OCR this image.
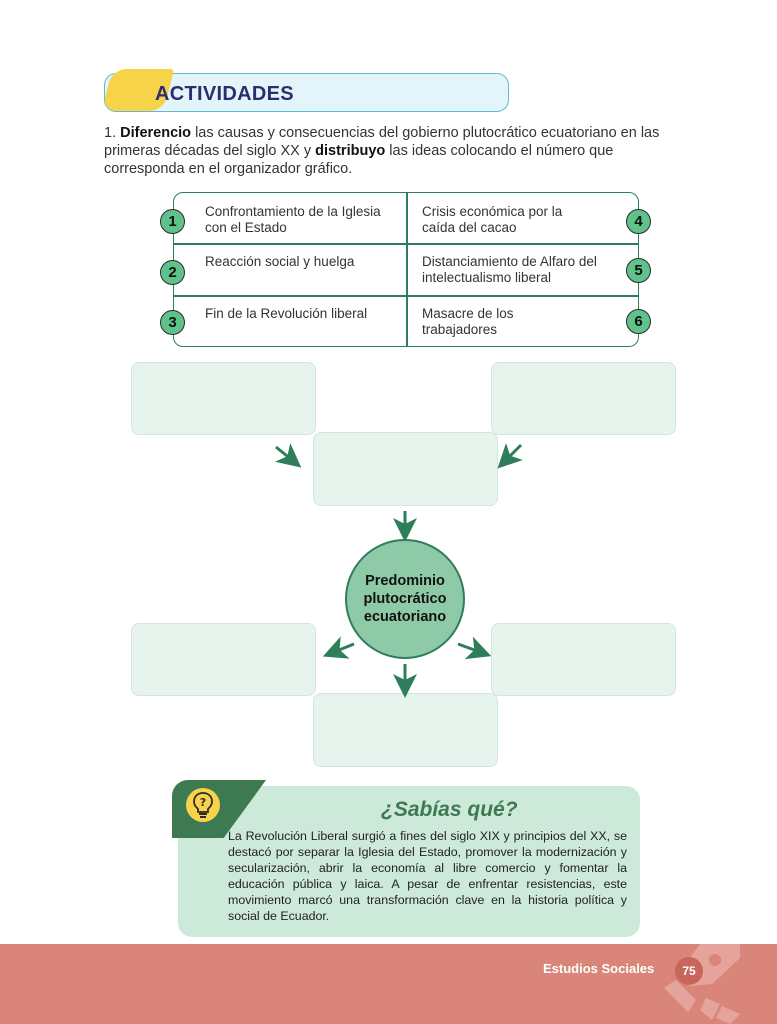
ACTIVIDADES
1. Diferencio las causas y consecuencias del gobierno plutocrático ecuatoriano en las primeras décadas del siglo XX y distribuyo las ideas colocando el número que corresponda en el organizador gráfico.
Confrontamiento de la Iglesia con el Estado
Reacción social y huelga
Fin de la Revolución liberal
Crisis económica por la caída del cacao
Distanciamiento de Alfaro del intelectualismo liberal
Masacre de los trabajadores
1
2
3
4
5
6
Predominio plutocrático ecuatoriano
?	¿Sabías qué?
La Revolución Liberal surgió a fines del siglo XIX y principios del XX, se destacó por separar la Iglesia del Estado, promover la modernización y secularización, abrir la economía al libre comercio y fomentar la educación pública y laica. A pesar de enfrentar resistencias, este movimiento marcó una transformación clave en la historia política y social de Ecuador.
Estudios Sociales	75
